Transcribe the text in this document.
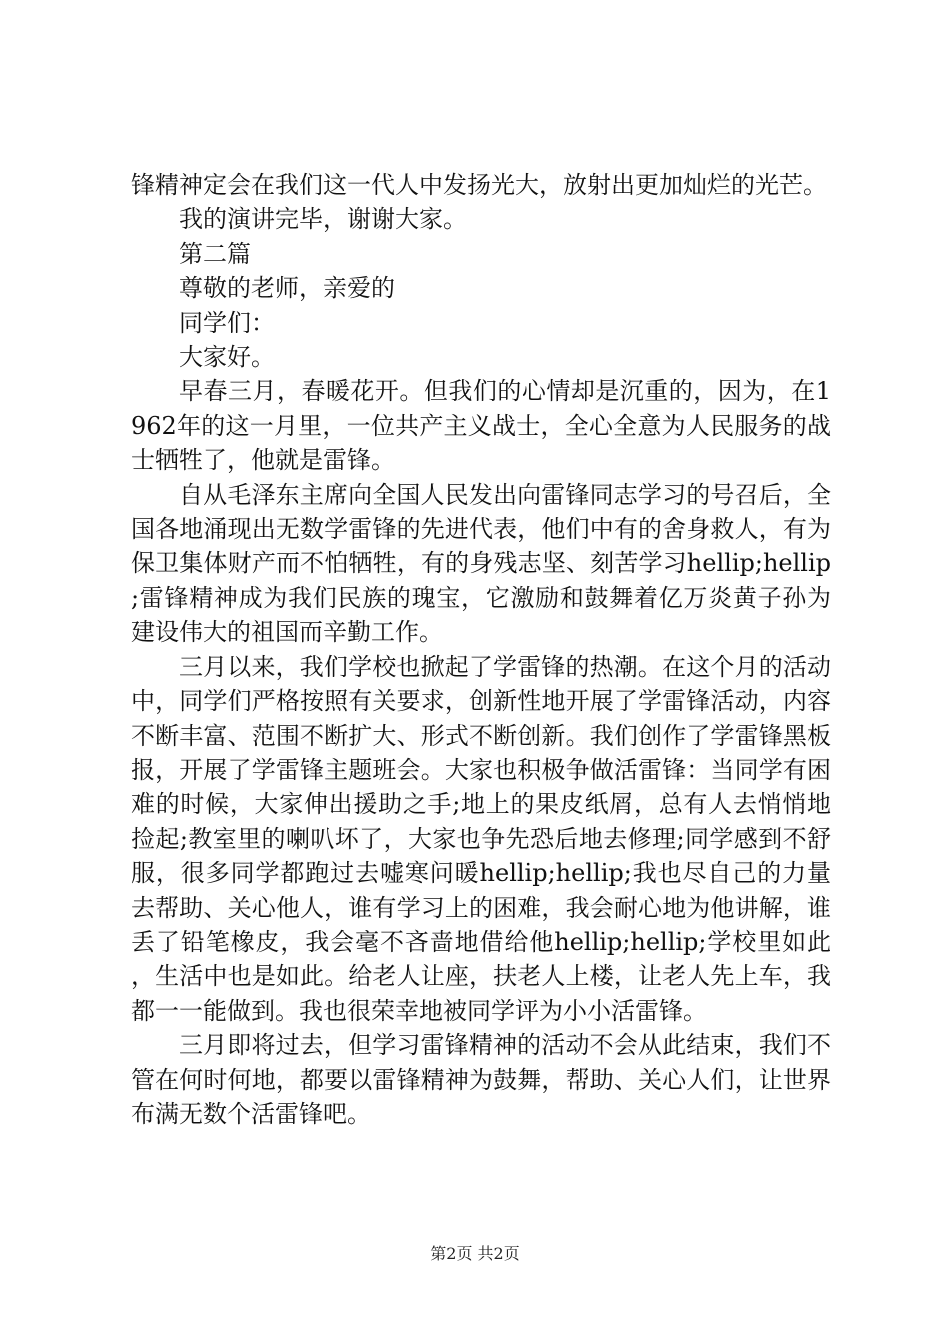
锋精神定会在我们这一代人中发扬光大，放射出更加灿烂的光芒。

我的演讲完毕，谢谢大家。

第二篇

尊敬的老师，亲爱的

同学们：

大家好。

早春三月，春暖花开。但我们的心情却是沉重的，因为，在1962年的这一月里，一位共产主义战士，全心全意为人民服务的战士牺牲了，他就是雷锋。

自从毛泽东主席向全国人民发出向雷锋同志学习的号召后，全国各地涌现出无数学雷锋的先进代表，他们中有的舍身救人，有为保卫集体财产而不怕牺牲，有的身残志坚、刻苦学习hellip;hellip;雷锋精神成为我们民族的瑰宝，它激励和鼓舞着亿万炎黄子孙为建设伟大的祖国而辛勤工作。

三月以来，我们学校也掀起了学雷锋的热潮。在这个月的活动中，同学们严格按照有关要求，创新性地开展了学雷锋活动，内容不断丰富、范围不断扩大、形式不断创新。我们创作了学雷锋黑板报，开展了学雷锋主题班会。大家也积极争做活雷锋：当同学有困难的时候，大家伸出援助之手;地上的果皮纸屑，总有人去悄悄地捡起;教室里的喇叭坏了，大家也争先恐后地去修理;同学感到不舒服，很多同学都跑过去嘘寒问暖hellip;hellip;我也尽自己的力量去帮助、关心他人，谁有学习上的困难，我会耐心地为他讲解，谁丢了铅笔橡皮，我会毫不吝啬地借给他hellip;hellip;学校里如此，生活中也是如此。给老人让座，扶老人上楼，让老人先上车，我都一一能做到。我也很荣幸地被同学评为小小活雷锋。

三月即将过去，但学习雷锋精神的活动不会从此结束，我们不管在何时何地，都要以雷锋精神为鼓舞，帮助、关心人们，让世界布满无数个活雷锋吧。

第2页 共2页
